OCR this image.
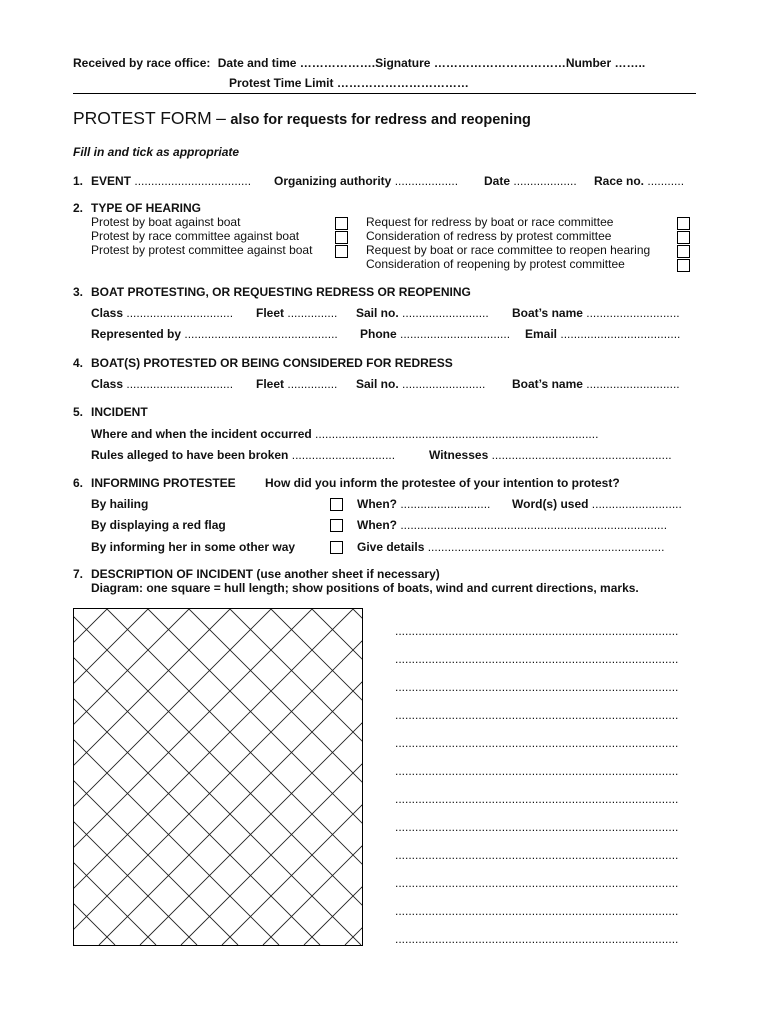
Received by race office: Date and time ……………….Signature ……………………………Number ……..
Protest Time Limit ……………………………
PROTEST FORM – also for requests for redress and reopening
Fill in and tick as appropriate
1. EVENT ................................... Organizing authority ................... Date ................... Race no. ...........
2. TYPE OF HEARING
Protest by boat against boat
Protest by race committee against boat
Protest by protest committee against boat
Request for redress by boat or race committee
Consideration of redress by protest committee
Request by boat or race committee to reopen hearing
Consideration of reopening by protest committee
3. BOAT PROTESTING, OR REQUESTING REDRESS OR REOPENING
Class ................................ Fleet ............... Sail no. .......................... Boat’s name ............................
Represented by .............................................. Phone ................................. Email ....................................
4. BOAT(S) PROTESTED OR BEING CONSIDERED FOR REDRESS
Class ................................ Fleet ............... Sail no. ......................... Boat’s name ............................
5. INCIDENT
Where and when the incident occurred .....................................................................................
Rules alleged to have been broken ...............................	Witnesses ......................................................
6. INFORMING PROTESTEE How did you inform the protestee of your intention to protest?
By hailing	When? ........................... Word(s) used ...........................
By displaying a red flag	When? ................................................................................
By informing her in some other way	Give details .......................................................................
7. DESCRIPTION OF INCIDENT (use another sheet if necessary)
Diagram: one square = hull length; show positions of boats, wind and current directions, marks.
.....................................................................................
.....................................................................................
.....................................................................................
.....................................................................................
.....................................................................................
.....................................................................................
.....................................................................................
.....................................................................................
.....................................................................................
.....................................................................................
.....................................................................................
.....................................................................................
